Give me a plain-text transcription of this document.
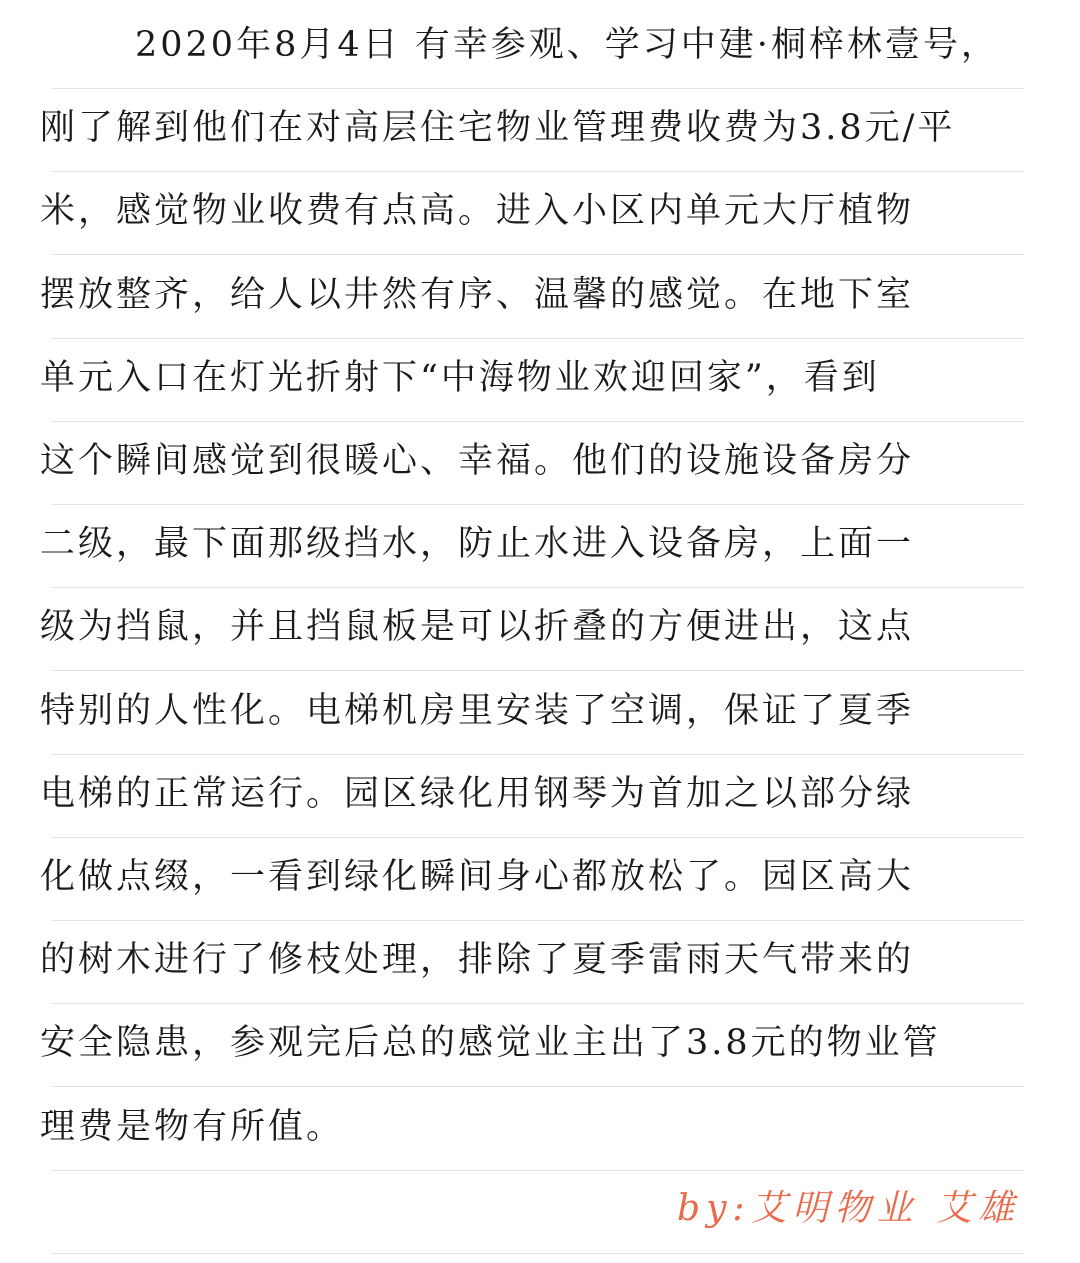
2020年8月4日 有幸参观、学习中建·桐梓林壹号，
刚了解到他们在对高层住宅物业管理费收费为3.8元/平
米，感觉物业收费有点高。进入小区内单元大厅植物
摆放整齐，给人以井然有序、温馨的感觉。在地下室
单元入口在灯光折射下“中海物业欢迎回家”，看到
这个瞬间感觉到很暖心、幸福。他们的设施设备房分
二级，最下面那级挡水，防止水进入设备房，上面一
级为挡鼠，并且挡鼠板是可以折叠的方便进出，这点
特别的人性化。电梯机房里安装了空调，保证了夏季
电梯的正常运行。园区绿化用钢琴为首加之以部分绿
化做点缀，一看到绿化瞬间身心都放松了。园区高大
的树木进行了修枝处理，排除了夏季雷雨天气带来的
安全隐患，参观完后总的感觉业主出了3.8元的物业管
理费是物有所值。
by:艾明物业 艾雄
